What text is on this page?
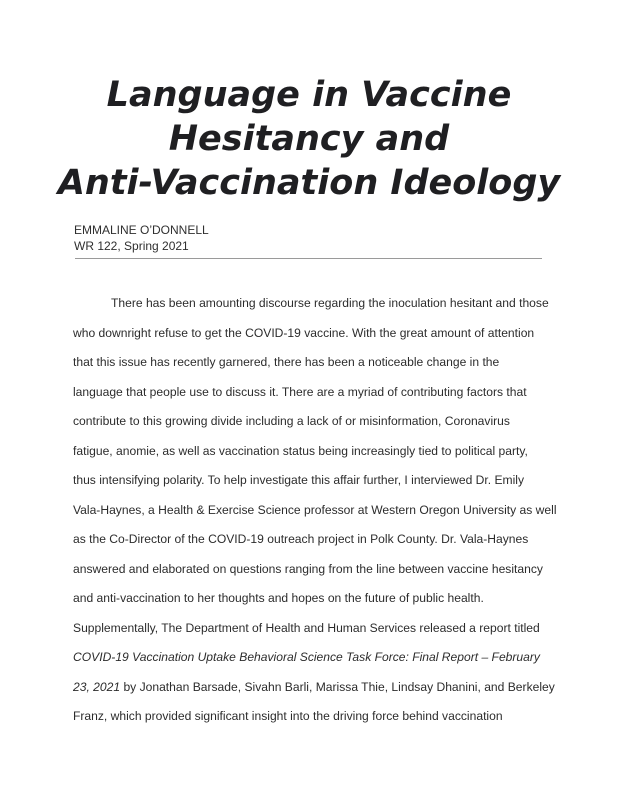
Language in Vaccine
Hesitancy and
Anti-Vaccination Ideology
EMMALINE O’DONNELL
WR 122, Spring 2021
There has been amounting discourse regarding the inoculation hesitant and those
who downright refuse to get the COVID-19 vaccine. With the great amount of attention
that this issue has recently garnered, there has been a noticeable change in the
language that people use to discuss it. There are a myriad of contributing factors that
contribute to this growing divide including a lack of or misinformation, Coronavirus
fatigue, anomie, as well as vaccination status being increasingly tied to political party,
thus intensifying polarity. To help investigate this affair further, I interviewed Dr. Emily
Vala-Haynes, a Health & Exercise Science professor at Western Oregon University as well
as the Co-Director of the COVID-19 outreach project in Polk County. Dr. Vala-Haynes
answered and elaborated on questions ranging from the line between vaccine hesitancy
and anti-vaccination to her thoughts and hopes on the future of public health.
Supplementally, The Department of Health and Human Services released a report titled
COVID-19 Vaccination Uptake Behavioral Science Task Force: Final Report – February
23, 2021 by Jonathan Barsade, Sivahn Barli, Marissa Thie, Lindsay Dhanini, and Berkeley
Franz, which provided significant insight into the driving force behind vaccination
